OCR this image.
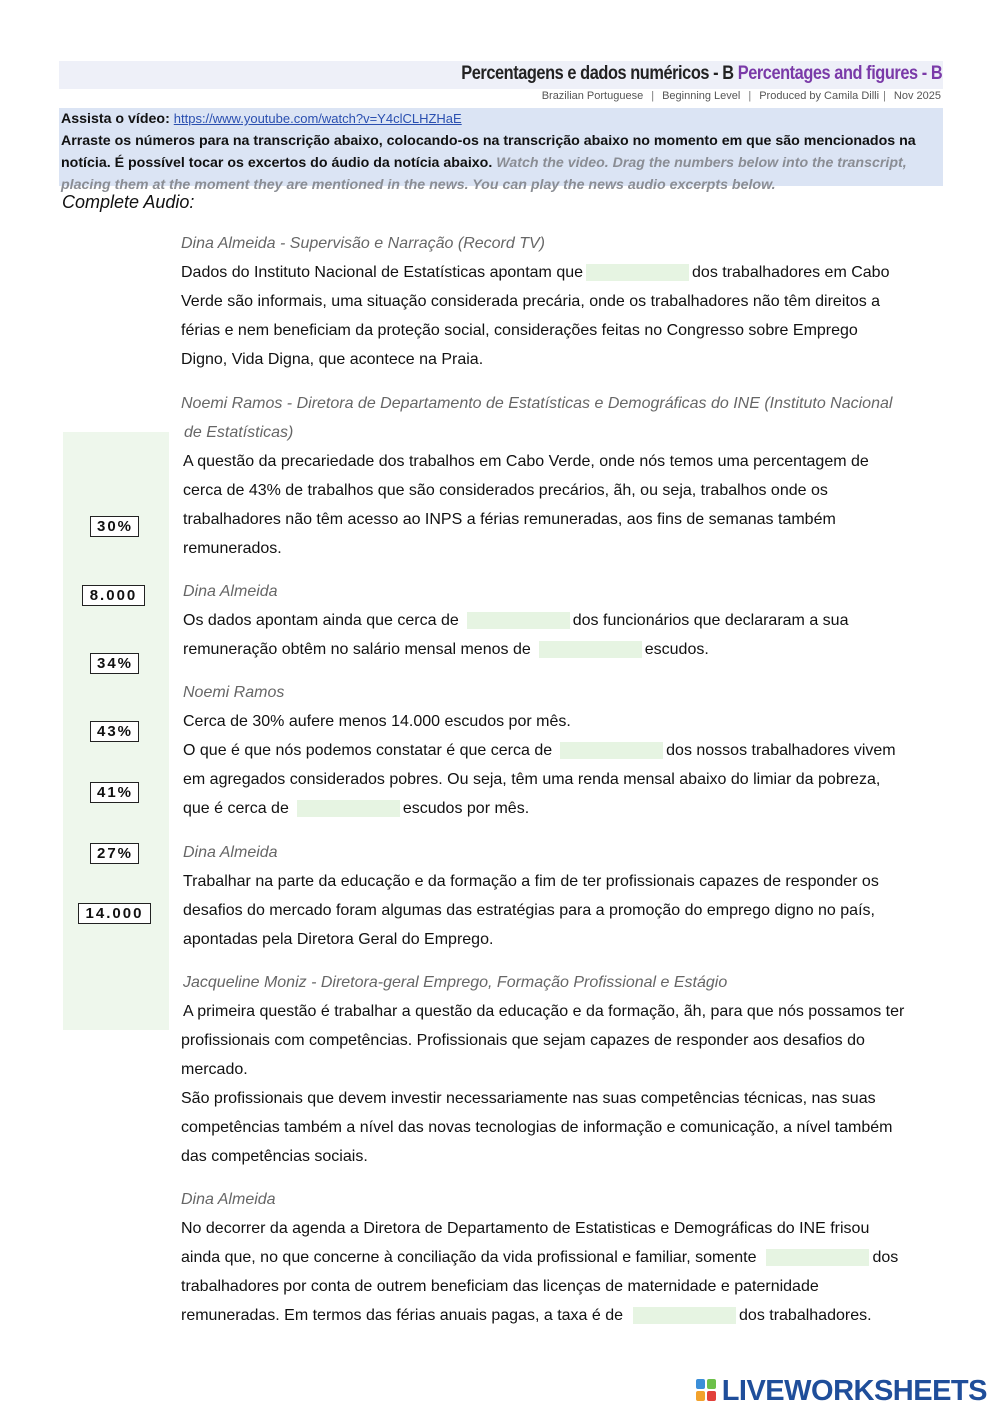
Percentagens e dados numéricos - B Percentages and figures - B
Brazilian Portuguese | Beginning Level | Produced by Camila Dilli | Nov 2025
Assista o vídeo: https://www.youtube.com/watch?v=Y4clCLHZHaE
Arraste os números para na transcrição abaixo, colocando-os na transcrição abaixo no momento em que são mencionados na notícia. É possível tocar os excertos do áudio da notícia abaixo. Watch the video. Drag the numbers below into the transcript, placing them at the moment they are mentioned in the news. You can play the news audio excerpts below.
Complete Audio:
30%
8.000
34%
43%
41%
27%
14.000
Dina Almeida - Supervisão e Narração (Record TV)
Dados do Instituto Nacional de Estatísticas apontam que	dos trabalhadores em Cabo
Verde são informais, uma situação considerada precária, onde os trabalhadores não têm direitos a
férias e nem beneficiam da proteção social, considerações feitas no Congresso sobre Emprego
Digno, Vida Digna, que acontece na Praia.
Noemi Ramos - Diretora de Departamento de Estatísticas e Demográficas do INE (Instituto Nacional
de Estatísticas)
A questão da precariedade dos trabalhos em Cabo Verde, onde nós temos uma percentagem de
cerca de 43% de trabalhos que são considerados precários, ãh, ou seja, trabalhos onde os
trabalhadores não têm acesso ao INPS a férias remuneradas, aos fins de semanas também
remunerados.
Dina Almeida
Os dados apontam ainda que cerca de	dos funcionários que declararam a sua
remuneração obtêm no salário mensal menos de	escudos.
Noemi Ramos
Cerca de 30% aufere menos 14.000 escudos por mês.
O que é que nós podemos constatar é que cerca de	dos nossos trabalhadores vivem
em agregados considerados pobres. Ou seja, têm uma renda mensal abaixo do limiar da pobreza,
que é cerca de	escudos por mês.
Dina Almeida
Trabalhar na parte da educação e da formação a fim de ter profissionais capazes de responder os
desafios do mercado foram algumas das estratégias para a promoção do emprego digno no país,
apontadas pela Diretora Geral do Emprego.
Jacqueline Moniz - Diretora-geral Emprego, Formação Profissional e Estágio
A primeira questão é trabalhar a questão da educação e da formação, ãh, para que nós possamos ter
profissionais com competências. Profissionais que sejam capazes de responder aos desafios do
mercado.
São profissionais que devem investir necessariamente nas suas competências técnicas, nas suas
competências também a nível das novas tecnologias de informação e comunicação, a nível também
das competências sociais.
Dina Almeida
No decorrer da agenda a Diretora de Departamento de Estatisticas e Demográficas do INE frisou
ainda que, no que concerne à conciliação da vida profissional e familiar, somente	dos
trabalhadores por conta de outrem beneficiam das licenças de maternidade e paternidade
remuneradas. Em termos das férias anuais pagas, a taxa é de	dos trabalhadores.
LIVEWORKSHEETS
